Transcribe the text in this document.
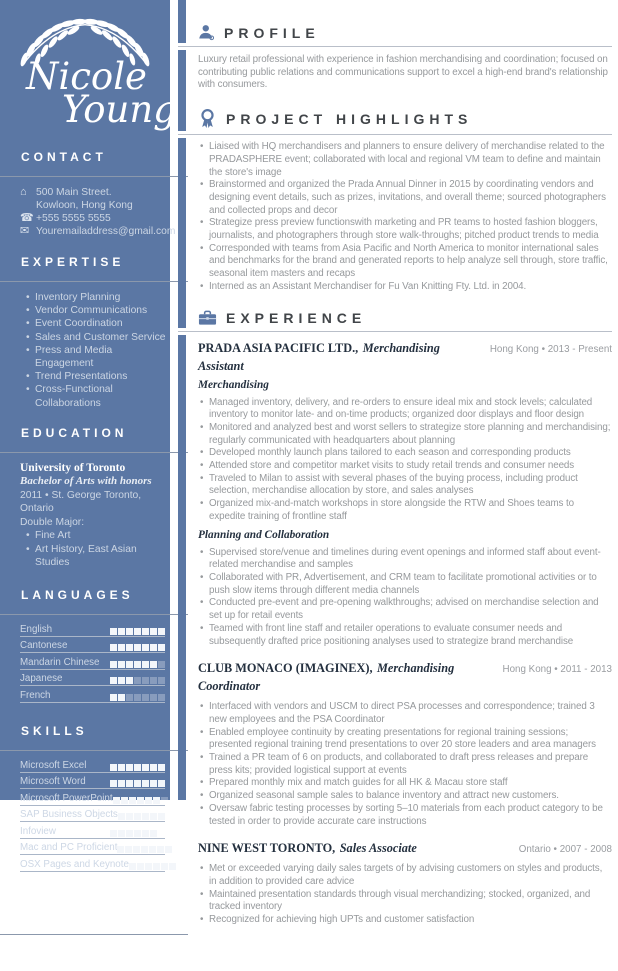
Nicole
Young
CONTACT
⌂ 500 Main Street.
Kowloon, Hong Kong
☎ +555 5555 5555
✉ Youremailaddress@gmail.com
EXPERTISE
• Inventory Planning
• Vendor Communications
• Event Coordination
• Sales and Customer Service
• Press and Media Engagement
• Trend Presentations
• Cross-Functional Collaborations
EDUCATION
University of Toronto
Bachelor of Arts with honors
2011 • St. George Toronto, Ontario
Double Major:
• Fine Art
• Art History, East Asian Studies
LANGUAGES
English
Cantonese
Mandarin Chinese
Japanese
French
SKILLS
Microsoft Excel
Microsoft Word
Microsoft PowerPoint
SAP Business Objects
Infoview
Mac and PC Proficient
OSX Pages and Keynote
LET'S CONNECT!
f	in	g+
PROFILE

Luxury retail professional with experience in fashion merchandising and coordination; focused on contributing public relations and communications support to excel a high-end brand's relationship with consumers.

PROJECT HIGHLIGHTS
• Liaised with HQ merchandisers and planners to ensure delivery of merchandise related to the PRADASPHERE event; collaborated with local and regional VM team to define and maintain the store's image
• Brainstormed and organized the Prada Annual Dinner in 2015 by coordinating vendors and designing event details, such as prizes, invitations, and overall theme; sourced photographers and collected props and decor
• Strategize press preview functionswith marketing and PR teams to hosted fashion bloggers, journalists, and photographers through store walk-throughs; pitched product trends to media
• Corresponded with teams from Asia Pacific and North America to monitor international sales and benchmarks for the brand and generated reports to help analyze sell through, store traffic, seasonal item masters and recaps
• Interned as an Assistant Merchandiser for Fu Van Knitting Fty. Ltd. in 2004.
EXPERIENCE
PRADA ASIA PACIFIC LTD., Merchandising Assistant
Hong Kong • 2013 - Present
Merchandising
• Managed inventory, delivery, and re-orders to ensure ideal mix and stock levels; calculated inventory to monitor late- and on-time products; organized door displays and floor design
• Monitored and analyzed best and worst sellers to strategize store planning and merchandising; regularly communicated with headquarters about planning
• Developed monthly launch plans tailored to each season and corresponding products
• Attended store and competitor market visits to study retail trends and consumer needs
• Traveled to Milan to assist with several phases of the buying process, including product selection, merchandise allocation by store, and sales analyses
• Organized mix-and-match workshops in store alongside the RTW and Shoes teams to expedite training of frontline staff
Planning and Collaboration
• Supervised store/venue and timelines during event openings and informed staff about event-related merchandise and samples
• Collaborated with PR, Advertisement, and CRM team to facilitate promotional activities or to push slow items through different media channels
• Conducted pre-event and pre-opening walkthroughs; advised on merchandise selection and set up for retail events
• Teamed with front line staff and retailer operations to evaluate consumer needs and subsequently drafted price positioning analyses used to strategize brand merchandise
CLUB MONACO (IMAGINEX), Merchandising Coordinator
Hong Kong • 2011 - 2013
• Interfaced with vendors and USCM to direct PSA processes and correspondence; trained 3 new employees and the PSA Coordinator
• Enabled employee continuity by creating presentations for regional training sessions; presented regional training trend presentations to over 20 store leaders and area managers
• Trained a PR team of 6 on products, and collaborated to draft press releases and prepare press kits; provided logistical support at events
• Prepared monthly mix and match guides for all HK & Macau store staff
• Organized seasonal sample sales to balance inventory and attract new customers.
• Oversaw fabric testing processes by sorting 5–10 materials from each product category to be tested in order to provide accurate care instructions
NINE WEST TORONTO, Sales Associate	Ontario • 2007 - 2008
• Met or exceeded varying daily sales targets of by advising customers on styles and products, in addition to provided care advice
• Maintained presentation standards through visual merchandizing; stocked, organized, and tracked inventory
• Recognized for achieving high UPTs and customer satisfaction
